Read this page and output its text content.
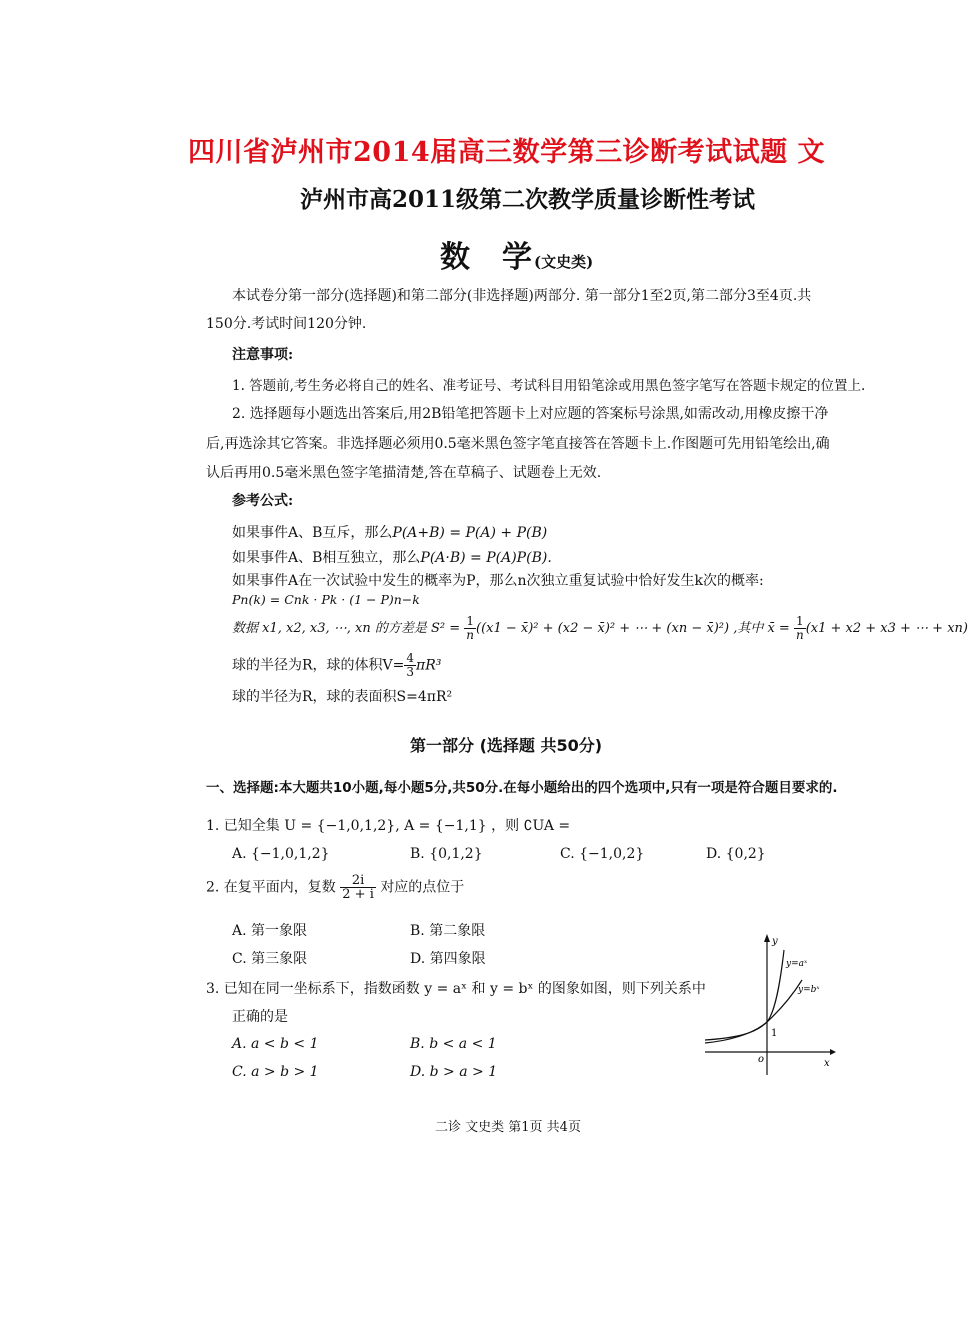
四川省泸州市2014届高三数学第三诊断考试试题 文
泸州市高2011级第二次教学质量诊断性考试
数 学(文史类)
本试卷分第一部分(选择题)和第二部分(非选择题)两部分. 第一部分1至2页,第二部分3至4页.共
150分.考试时间120分钟.
注意事项:
1. 答题前,考生务必将自己的姓名、准考证号、考试科目用铅笔涂或用黑色签字笔写在答题卡规定的位置上.
2. 选择题每小题选出答案后,用2B铅笔把答题卡上对应题的答案标号涂黑,如需改动,用橡皮擦干净
后,再选涂其它答案。非选择题必须用0.5毫米黑色签字笔直接答在答题卡上.作图题可先用铅笔绘出,确
认后再用0.5毫米黑色签字笔描清楚,答在草稿子、试题卷上无效.
参考公式:
如果事件A、B互斥，那么P(A+B) = P(A) + P(B)
如果事件A、B相互独立，那么P(A·B) = P(A)P(B).
如果事件A在一次试验中发生的概率为P，那么n次独立重复试验中恰好发生k次的概率:
Pn(k) = Cnk · Pk · (1 − P)n−k
数据 x1, x2, x3, ⋯, xn 的方差是 $S^2 = \frac{1}{n} ((x1$ − x̄)² + (x2 − x̄)² + ⋯ + (xn − x̄)²) ,其中 x̄ = $\frac{1}{n} (x1 + x2 + x3$ + ⋯ + xn)
球的半径为R，球的体积$V= \frac{4}{3} \pi R^3$
球的半径为R，球的表面积S=4πR²
第一部分 (选择题 共50分)
一、选择题:本大题共10小题,每小题5分,共50分.在每小题给出的四个选项中,只有一项是符合题目要求的.
1. 已知全集 U = {−1,0,1,2}, A = {−1,1} ，则 ∁UA =
A. {−1,0,1,2}	B. {0,1,2}	C. {−1,0,2}	D. {0,2}
2. 在复平面内，复数 $\frac{2i}{2 + i}$ 对应的点位于
A. 第一象限	B. 第二象限
C. 第三象限	D. 第四象限
3. 已知在同一坐标系下，指数函数 y = aˣ 和 y = bˣ 的图象如图，则下列关系中
正确的是
A. a < b < 1	B. b < a < 1
C. a > b > 1	D. b > a > 1
y
x
o
1
y=aˣ
y=bˣ
二诊 文史类 第1页 共4页
